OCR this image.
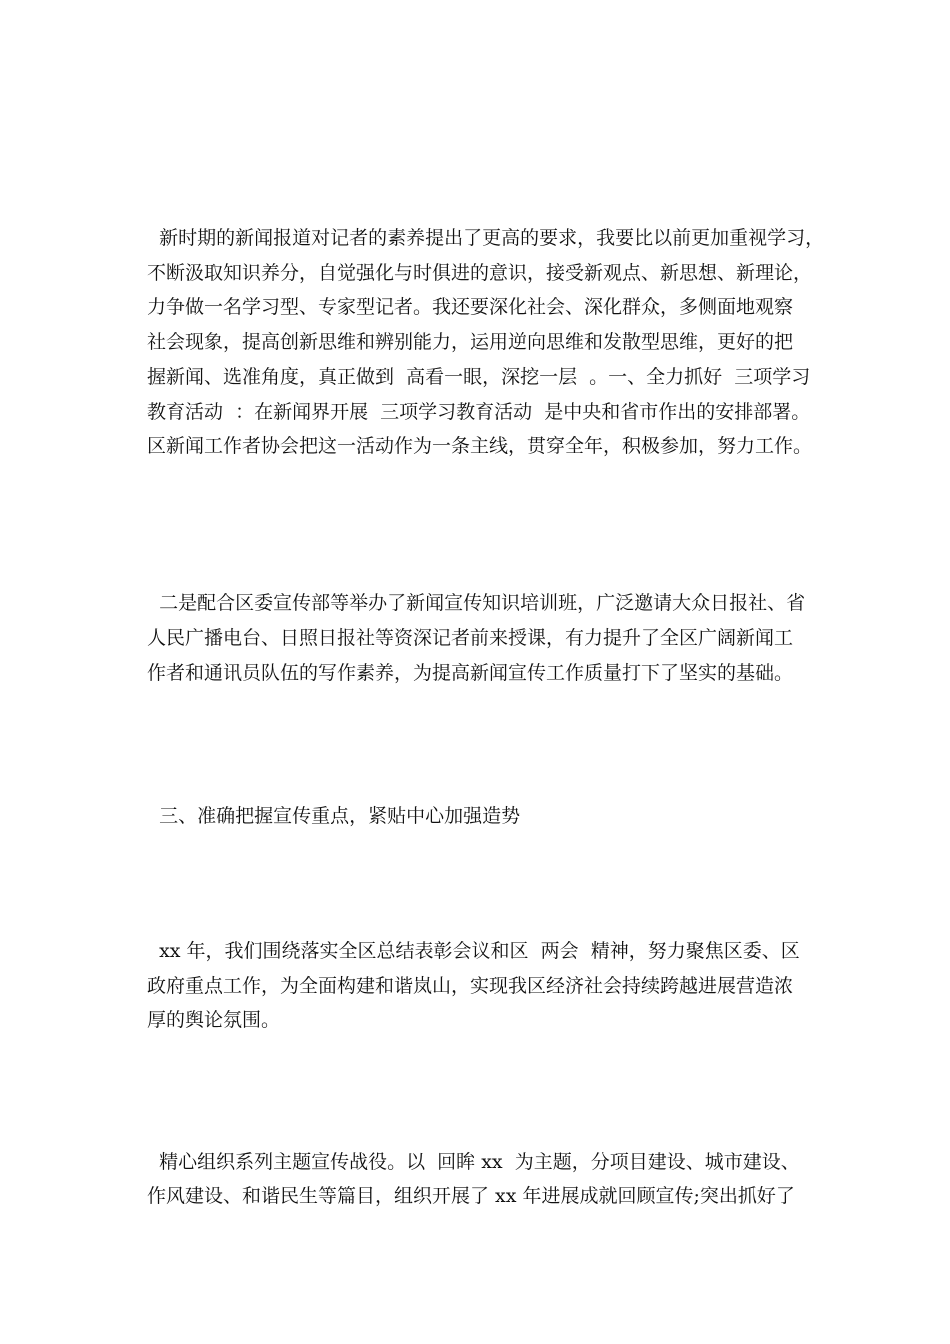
新时期的新闻报道对记者的素养提出了更高的要求，我要比以前更加重视学习，
不断汲取知识养分，自觉强化与时俱进的意识，接受新观点、新思想、新理论，
力争做一名学习型、专家型记者。我还要深化社会、深化群众，多侧面地观察
社会现象，提高创新思维和辨别能力，运用逆向思维和发散型思维，更好的把
握新闻、选准角度，真正做到  高看一眼，深挖一层  。一、全力抓好  三项学习
教育活动  ：在新闻界开展  三项学习教育活动  是中央和省市作出的安排部署。
区新闻工作者协会把这一活动作为一条主线，贯穿全年，积极参加，努力工作。
二是配合区委宣传部等举办了新闻宣传知识培训班，广泛邀请大众日报社、省
人民广播电台、日照日报社等资深记者前来授课，有力提升了全区广阔新闻工
作者和通讯员队伍的写作素养，为提高新闻宣传工作质量打下了坚实的基础。
三、准确把握宣传重点，紧贴中心加强造势
xx 年，我们围绕落实全区总结表彰会议和区  两会  精神，努力聚焦区委、区
政府重点工作，为全面构建和谐岚山，实现我区经济社会持续跨越进展营造浓
厚的舆论氛围。
精心组织系列主题宣传战役。以  回眸 xx  为主题，分项目建设、城市建设、
作风建设、和谐民生等篇目，组织开展了 xx 年进展成就回顾宣传;突出抓好了
